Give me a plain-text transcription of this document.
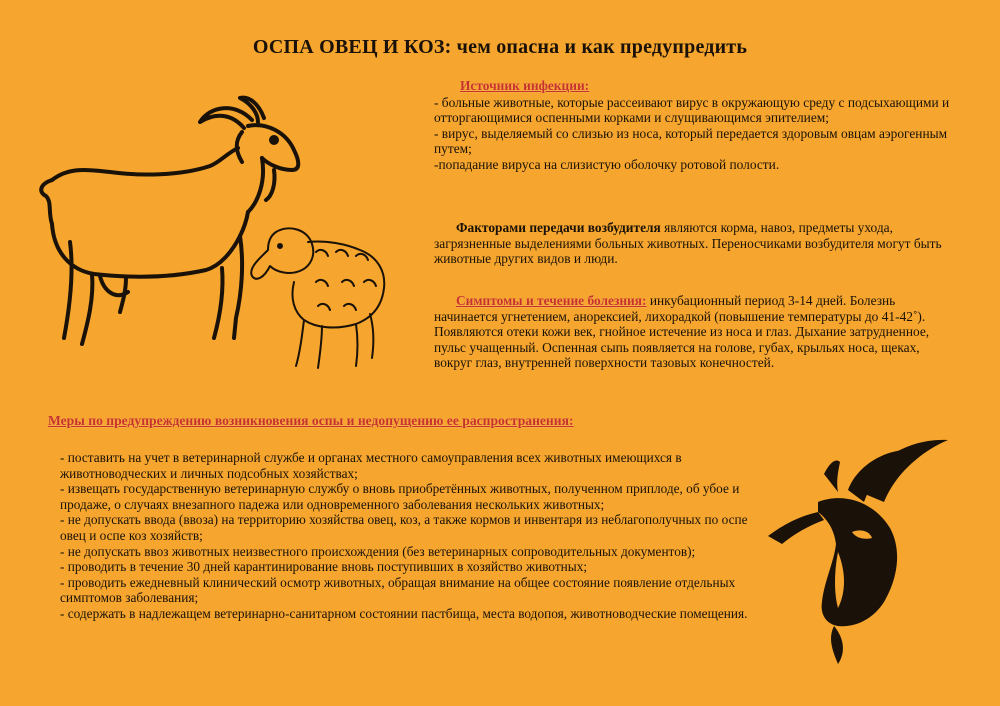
ОСПА ОВЕЦ И КОЗ: чем опасна и как предупредить
Источник инфекции:

- больные животные, которые рассеивают вирус в окружающую среду с подсыхающими и отторгающимися оспенными корками и слущивающимся эпителием;

- вирус, выделяемый со слизью из носа, который передается здоровым овцам аэрогенным путем;

-попадание вируса на слизистую оболочку ротовой полости.

Факторами передачи возбудителя являются корма, навоз, предметы ухода, загрязненные выделениями больных животных. Переносчиками возбудителя могут быть животные других видов и люди.
Симптомы и течение болезния: инкубационный период 3-14 дней. Болезнь начинается угнетением, анорексией, лихорадкой (повышение температуры до 41-42˚). Появляются отеки кожи век, гнойное истечение из носа и глаз. Дыхание затрудненное, пульс учащенный. Оспенная сыпь появляется на голове, губах, крыльях носа, щеках, вокруг глаз, внутренней поверхности тазовых конечностей.
Меры по предупреждению возникновения оспы и недопущению ее распространения:

- поставить на учет в ветеринарной службе и органах местного самоуправления всех животных имеющихся в животноводческих и личных подсобных хозяйствах;

- извещать государственную ветеринарную службу о вновь приобретённых животных, полученном приплоде, об убое и продаже, о случаях внезапного падежа или одновременного заболевания нескольких животных;

- не допускать ввода (ввоза) на территорию хозяйства овец, коз, а также кормов и инвентаря из неблагополучных по оспе овец и оспе коз хозяйств;

- не допускать ввоз животных неизвестного происхождения (без ветеринарных сопроводительных документов);

- проводить в течение 30 дней карантинирование вновь поступивших в хозяйство животных;

- проводить ежедневный клинический осмотр животных, обращая внимание на общее состояние появление отдельных симптомов заболевания;

- содержать в надлежащем ветеринарно-санитарном состоянии пастбища, места водопоя, животноводческие помещения.
